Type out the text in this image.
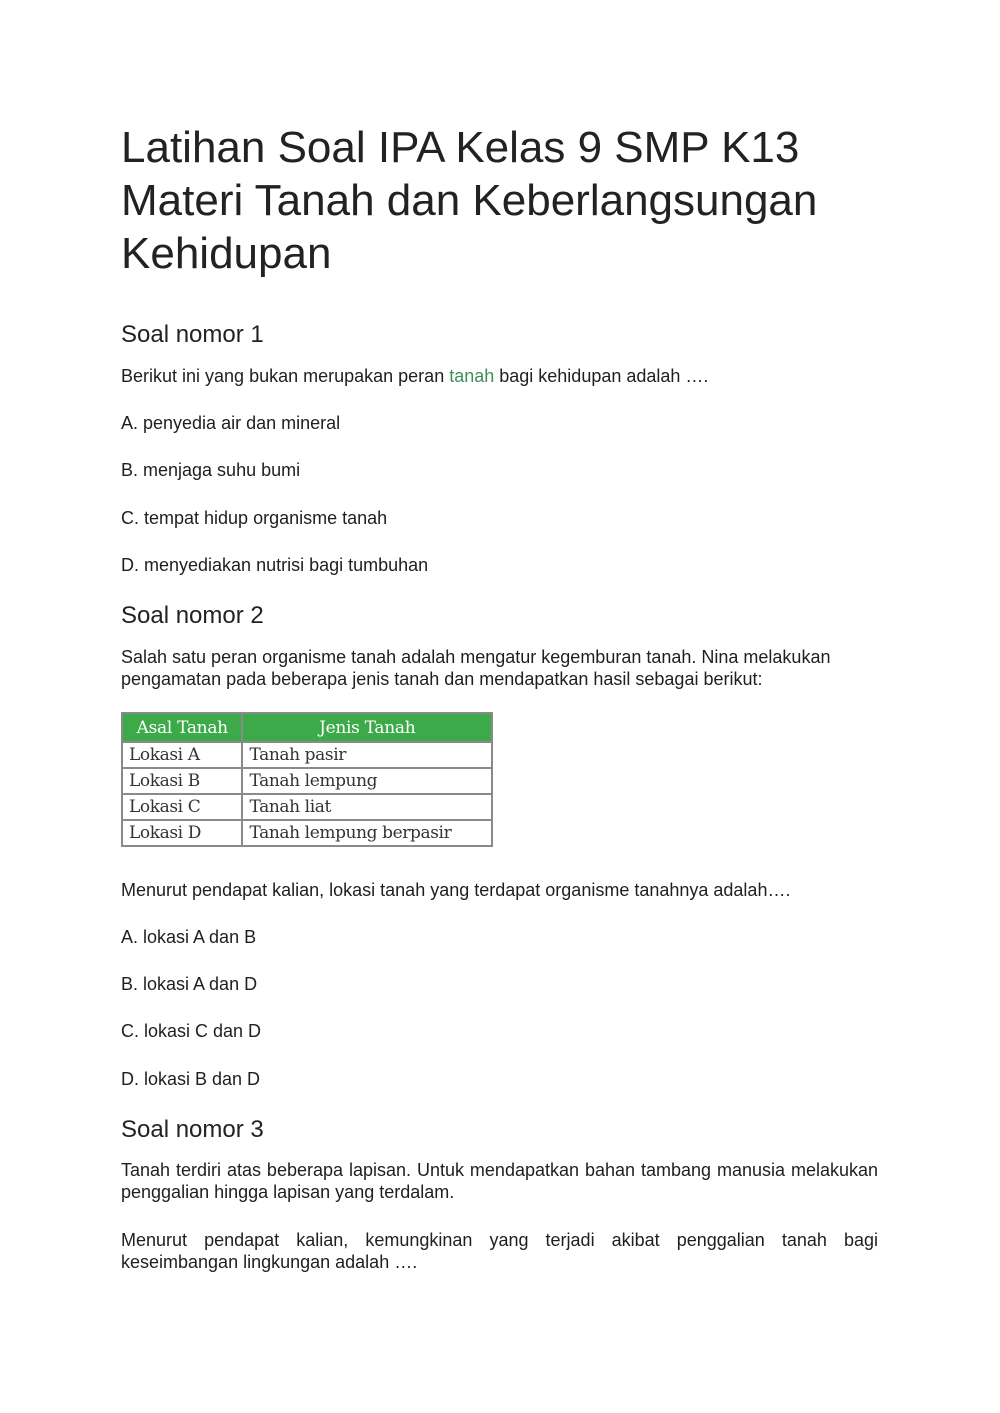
Latihan Soal IPA Kelas 9 SMP K13
Materi Tanah dan Keberlangsungan
Kehidupan
Soal nomor 1

Berikut ini yang bukan merupakan peran tanah bagi kehidupan adalah ….

A. penyedia air dan mineral

B. menjaga suhu bumi

C. tempat hidup organisme tanah

D. menyediakan nutrisi bagi tumbuhan

Soal nomor 2

Salah satu peran organisme tanah adalah mengatur kegemburan tanah. Nina melakukan pengamatan pada beberapa jenis tanah dan mendapatkan hasil sebagai berikut:

Asal Tanah	Jenis Tanah
Lokasi A	Tanah pasir
Lokasi B	Tanah lempung
Lokasi C	Tanah liat
Lokasi D	Tanah lempung berpasir

Menurut pendapat kalian, lokasi tanah yang terdapat organisme tanahnya adalah….

A. lokasi A dan B

B. lokasi A dan D

C. lokasi C dan D

D. lokasi B dan D

Soal nomor 3

Tanah terdiri atas beberapa lapisan. Untuk mendapatkan bahan tambang manusia melakukan penggalian hingga lapisan yang terdalam.

Menurut pendapat kalian, kemungkinan yang terjadi akibat penggalian tanah bagi keseimbangan lingkungan adalah ….
